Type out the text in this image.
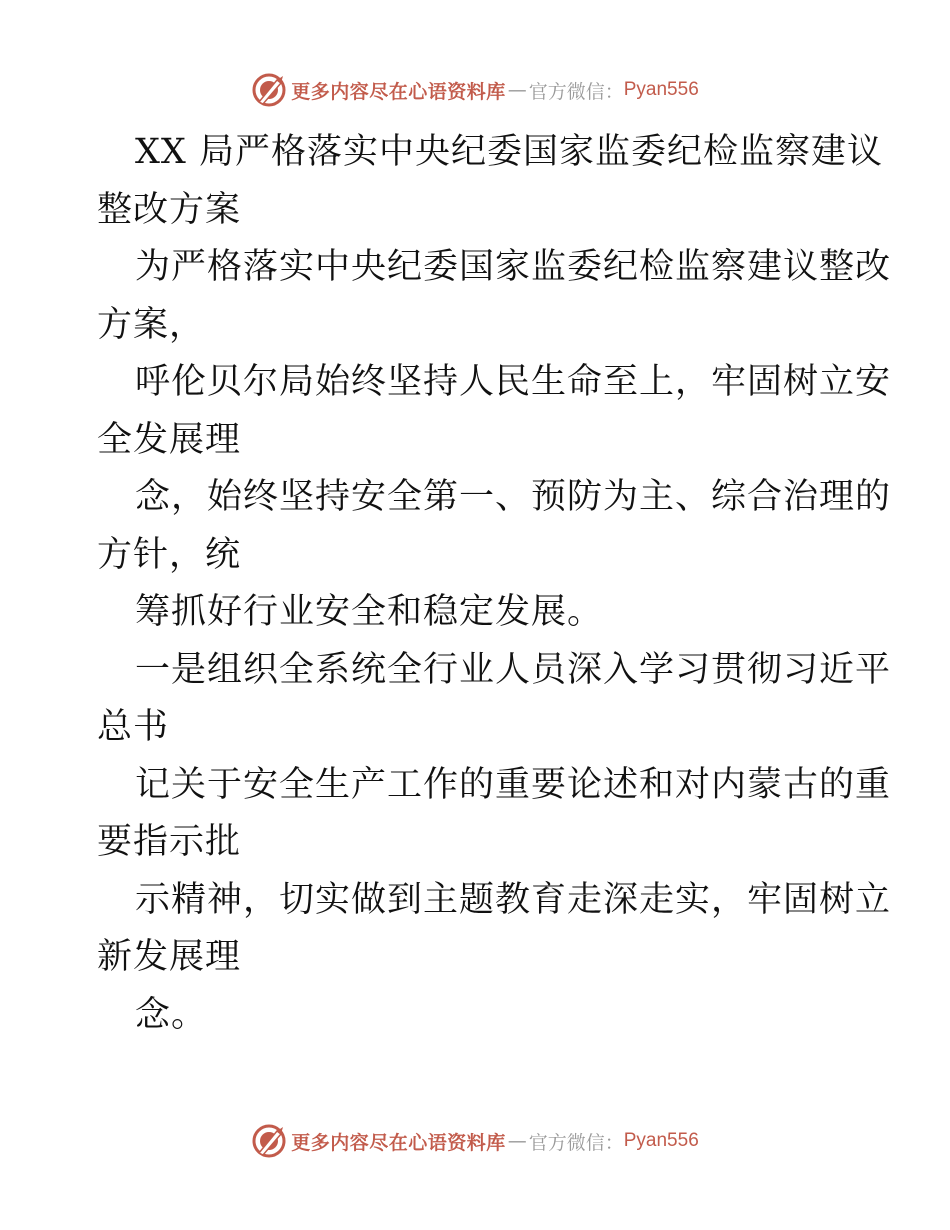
更多内容尽在心语资料库 — 官方微信： Pyan556
XX 局严格落实中央纪委国家监委纪检监察建议
整改方案
为严格落实中央纪委国家监委纪检监察建议整改
方案，
呼伦贝尔局始终坚持人民生命至上，牢固树立安
全发展理
念，始终坚持安全第一、预防为主、综合治理的
方针，统
筹抓好行业安全和稳定发展。
一是组织全系统全行业人员深入学习贯彻习近平
总书
记关于安全生产工作的重要论述和对内蒙古的重
要指示批
示精神，切实做到主题教育走深走实，牢固树立
新发展理
念。
更多内容尽在心语资料库 — 官方微信： Pyan556
